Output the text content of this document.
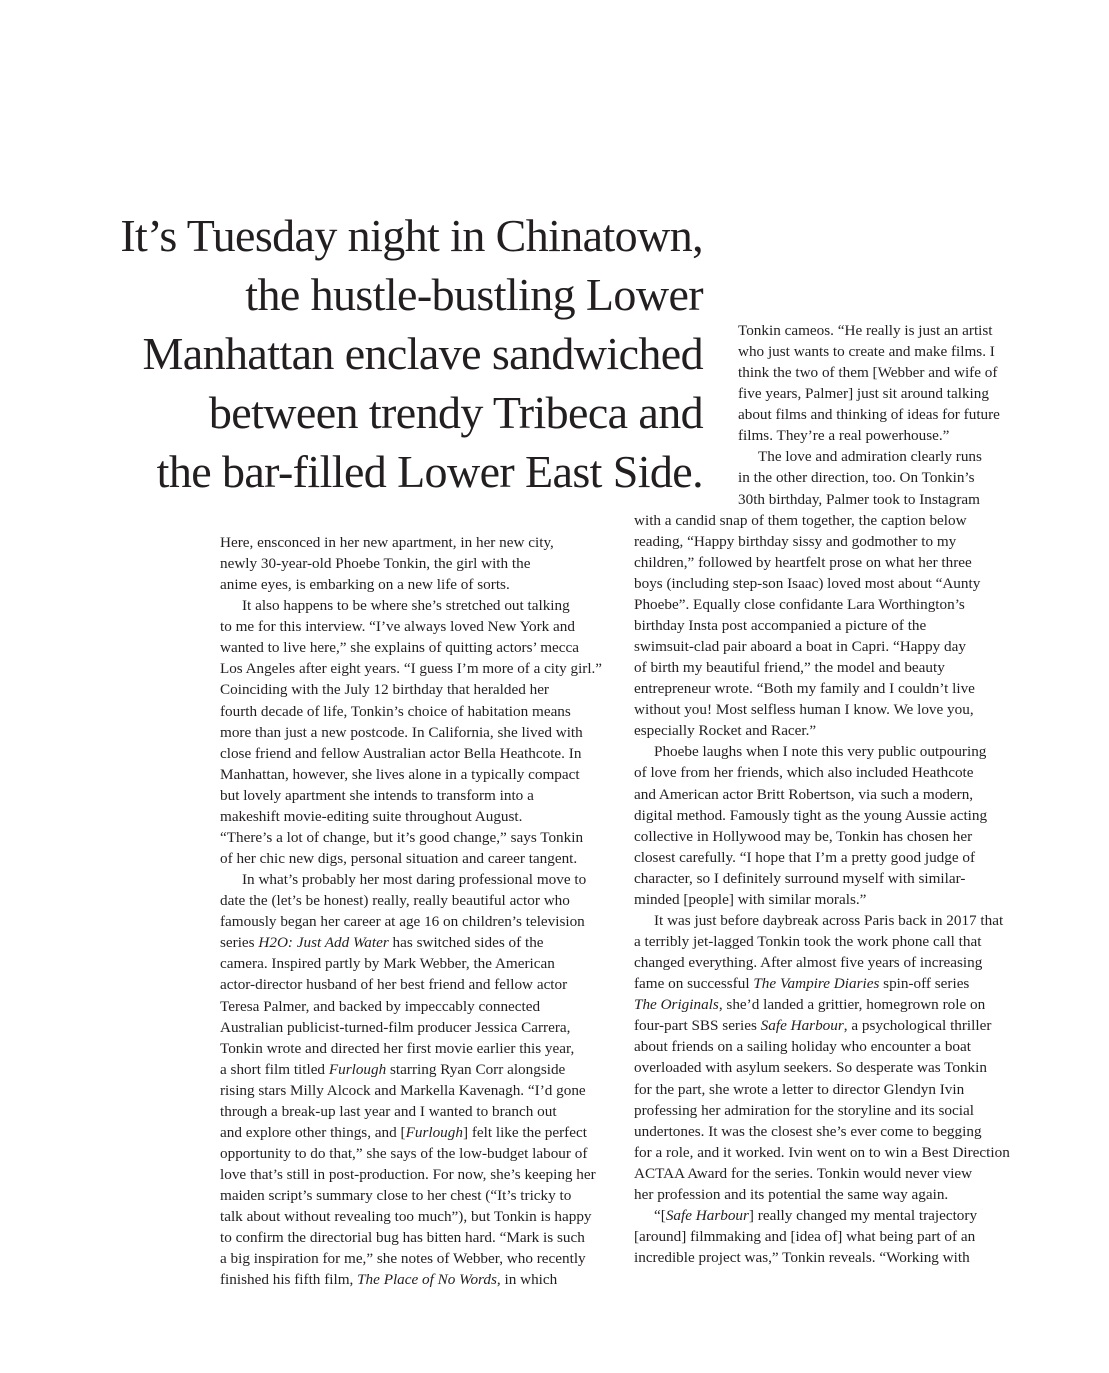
It’s Tuesday night in Chinatown,
the hustle-bustling Lower
Manhattan enclave sandwiched
between trendy Tribeca and
the bar-filled Lower East Side.

Here, ensconced in her new apartment, in her new city,

newly 30-year-old Phoebe Tonkin, the girl with the

anime eyes, is embarking on a new life of sorts.

It also happens to be where she’s stretched out talking

to me for this interview. “I’ve always loved New York and

wanted to live here,” she explains of quitting actors’ mecca

Los Angeles after eight years. “I guess I’m more of a city girl.”

Coinciding with the July 12 birthday that heralded her

fourth decade of life, Tonkin’s choice of habitation means

more than just a new postcode. In California, she lived with

close friend and fellow Australian actor Bella Heathcote. In

Manhattan, however, she lives alone in a typically compact

but lovely apartment she intends to transform into a

makeshift movie-editing suite throughout August.

“There’s a lot of change, but it’s good change,” says Tonkin

of her chic new digs, personal situation and career tangent.

In what’s probably her most daring professional move to

date the (let’s be honest) really, really beautiful actor who

famously began her career at age 16 on children’s television

series H2O: Just Add Water has switched sides of the

camera. Inspired partly by Mark Webber, the American

actor-director husband of her best friend and fellow actor

Teresa Palmer, and backed by impeccably connected

Australian publicist-turned-film producer Jessica Carrera,

Tonkin wrote and directed her first movie earlier this year,

a short film titled Furlough starring Ryan Corr alongside

rising stars Milly Alcock and Markella Kavenagh. “I’d gone

through a break-up last year and I wanted to branch out

and explore other things, and [Furlough] felt like the perfect

opportunity to do that,” she says of the low-budget labour of

love that’s still in post-production. For now, she’s keeping her

maiden script’s summary close to her chest (“It’s tricky to

talk about without revealing too much”), but Tonkin is happy

to confirm the directorial bug has bitten hard. “Mark is such

a big inspiration for me,” she notes of Webber, who recently

finished his fifth film, The Place of No Words, in which

Tonkin cameos. “He really is just an artist

who just wants to create and make films. I

think the two of them [Webber and wife of

five years, Palmer] just sit around talking

about films and thinking of ideas for future

films. They’re a real powerhouse.”

The love and admiration clearly runs

in the other direction, too. On Tonkin’s

30th birthday, Palmer took to Instagram

with a candid snap of them together, the caption below

reading, “Happy birthday sissy and godmother to my

children,” followed by heartfelt prose on what her three

boys (including step-son Isaac) loved most about “Aunty

Phoebe”. Equally close confidante Lara Worthington’s

birthday Insta post accompanied a picture of the

swimsuit-clad pair aboard a boat in Capri. “Happy day

of birth my beautiful friend,” the model and beauty

entrepreneur wrote. “Both my family and I couldn’t live

without you! Most selfless human I know. We love you,

especially Rocket and Racer.”

Phoebe laughs when I note this very public outpouring

of love from her friends, which also included Heathcote

and American actor Britt Robertson, via such a modern,

digital method. Famously tight as the young Aussie acting

collective in Hollywood may be, Tonkin has chosen her

closest carefully. “I hope that I’m a pretty good judge of

character, so I definitely surround myself with similar-

minded [people] with similar morals.”

It was just before daybreak across Paris back in 2017 that

a terribly jet-lagged Tonkin took the work phone call that

changed everything. After almost five years of increasing

fame on successful The Vampire Diaries spin-off series

The Originals, she’d landed a grittier, homegrown role on

four-part SBS series Safe Harbour, a psychological thriller

about friends on a sailing holiday who encounter a boat

overloaded with asylum seekers. So desperate was Tonkin

for the part, she wrote a letter to director Glendyn Ivin

professing her admiration for the storyline and its social

undertones. It was the closest she’s ever come to begging

for a role, and it worked. Ivin went on to win a Best Direction

ACTAA Award for the series. Tonkin would never view

her profession and its potential the same way again.

“[Safe Harbour] really changed my mental trajectory

[around] filmmaking and [idea of] what being part of an

incredible project was,” Tonkin reveals. “Working with
